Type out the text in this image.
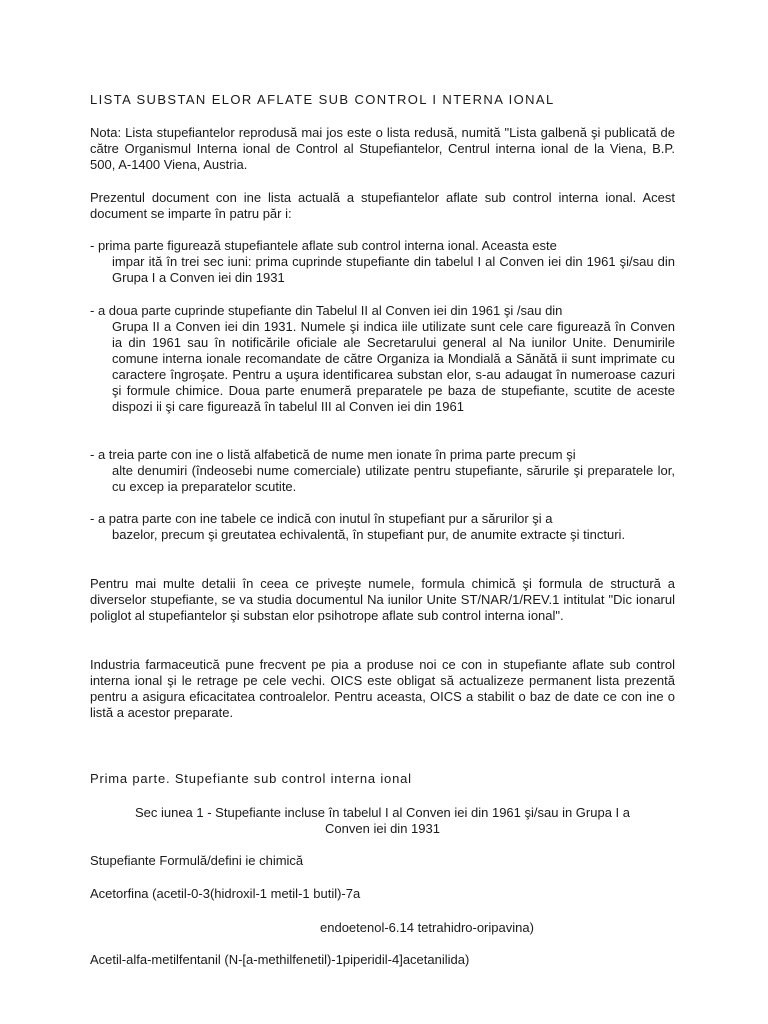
LISTA SUBSTAN ELOR AFLATE SUB CONTROL I NTERNA IONAL

Nota: Lista stupefiantelor reprodusă mai jos este o lista redusă, numită "Lista galbenă şi publicată de către Organismul Interna ional de Control al Stupefiantelor, Centrul interna ional de la Viena, B.P. 500, A-1400 Viena, Austria.

Prezentul document con ine lista actuală a stupefiantelor aflate sub control interna ional. Acest document se imparte în patru păr i:

- prima parte figurează stupefiantele aflate sub control interna ional. Aceasta este
impar ită în trei sec iuni: prima cuprinde stupefiante din tabelul I al Conven iei din 1961 şi/sau din Grupa I a Conven iei din 1931
- a doua parte cuprinde stupefiante din Tabelul II al Conven iei din 1961 şi /sau din
Grupa II a Conven iei din 1931. Numele şi indica iile utilizate sunt cele care figurează în Conven ia din 1961 sau în notificările oficiale ale Secretarului general al Na iunilor Unite. Denumirile comune interna ionale recomandate de către Organiza ia Mondială a Sănătă ii sunt imprimate cu caractere îngroşate. Pentru a uşura identificarea substan elor, s-au adaugat în numeroase cazuri şi formule chimice. Doua parte enumeră preparatele pe baza de stupefiante, scutite de aceste dispozi ii şi care figurează în tabelul III al Conven iei din 1961
- a treia parte con ine o listă alfabetică de nume men ionate în prima parte precum şi
alte denumiri (îndeosebi nume comerciale) utilizate pentru stupefiante, sărurile şi preparatele lor, cu excep ia preparatelor scutite.
- a patra parte con ine tabele ce indică con inutul în stupefiant pur a sărurilor şi a
bazelor, precum şi greutatea echivalentă, în stupefiant pur, de anumite extracte şi tincturi.

Pentru mai multe detalii în ceea ce priveşte numele, formula chimică şi formula de structură a diverselor stupefiante, se va studia documentul Na iunilor Unite ST/NAR/1/REV.1 intitulat "Dic ionarul poliglot al stupefiantelor şi substan elor psihotrope aflate sub control interna ional".

Industria farmaceutică pune frecvent pe pia a produse noi ce con in stupefiante aflate sub control interna ional şi le retrage pe cele vechi. OICS este obligat să actualizeze permanent lista prezentă pentru a asigura eficacitatea controalelor. Pentru aceasta, OICS a stabilit o baz de date ce con ine o listă a acestor preparate.

Prima parte. Stupefiante sub control interna ional

Sec iunea 1 - Stupefiante incluse în tabelul I al Conven iei din 1961 şi/sau in Grupa I a
Conven iei din 1931

Stupefiante Formulă/defini ie chimică

Acetorfina (acetil-0-3(hidroxil-1 metil-1 butil)-7a

endoetenol-6.14 tetrahidro-oripavina)

Acetil-alfa-metilfentanil (N-[a-methilfenetil)-1piperidil-4]acetanilida)
